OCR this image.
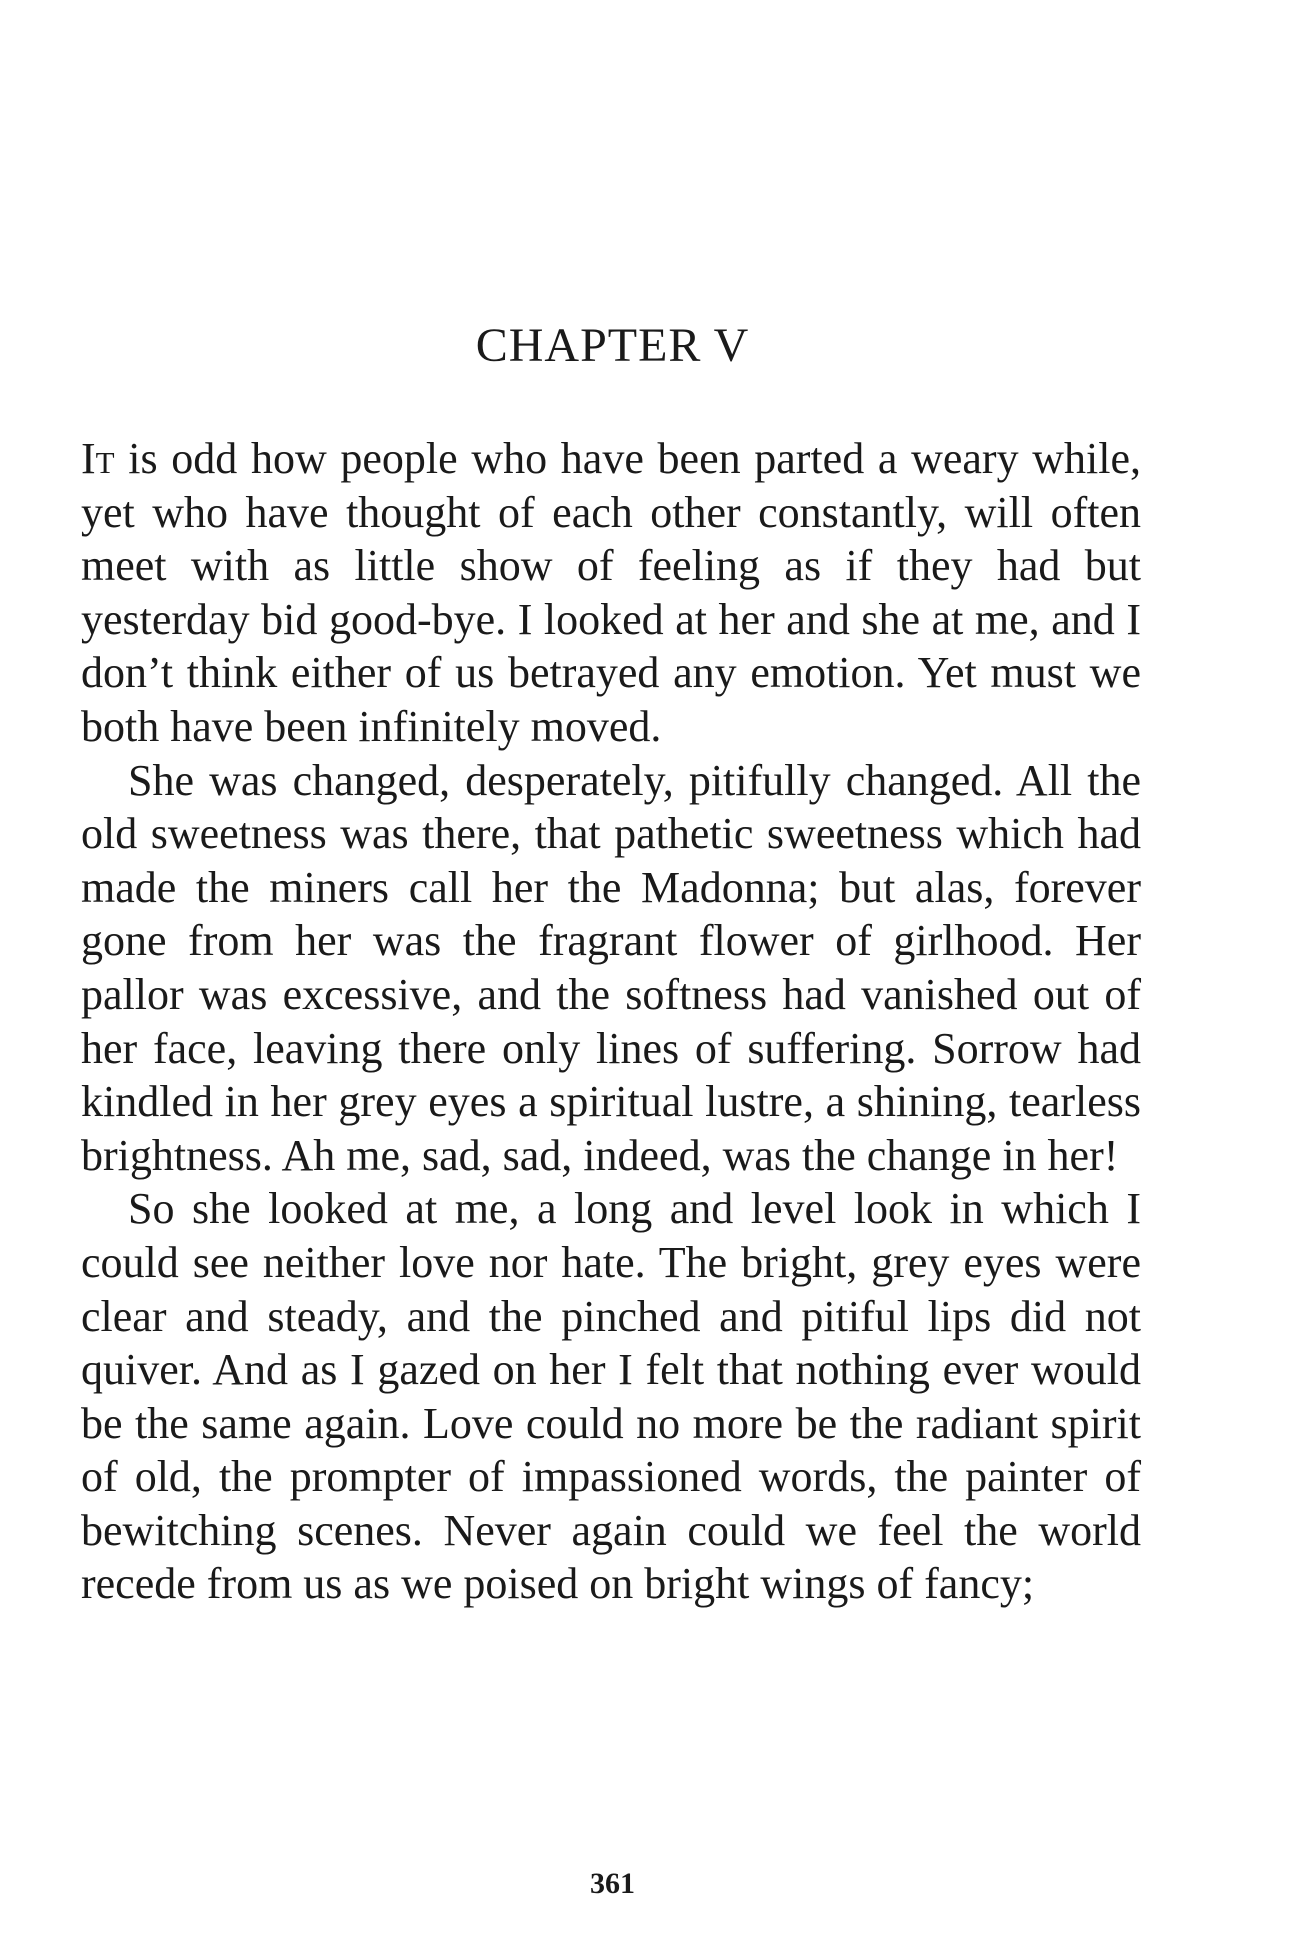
CHAPTER V

It is odd how people who have been parted a weary while, yet who have thought of each other constantly, will often meet with as little show of feeling as if they had but yesterday bid good-bye. I looked at her and she at me, and I don’t think either of us betrayed any emotion. Yet must we both have been infinitely moved.

She was changed, desperately, pitifully changed. All the old sweetness was there, that pathetic sweetness which had made the miners call her the Madonna; but alas, forever gone from her was the fragrant flower of girlhood. Her pallor was excessive, and the softness had vanished out of her face, leaving there only lines of suffering. Sorrow had kindled in her grey eyes a spiritual lustre, a shining, tearless brightness. Ah me, sad, sad, indeed, was the change in her!

So she looked at me, a long and level look in which I could see neither love nor hate. The bright, grey eyes were clear and steady, and the pinched and pitiful lips did not quiver. And as I gazed on her I felt that nothing ever would be the same again. Love could no more be the radiant spirit of old, the prompter of impassioned words, the painter of bewitching scenes. Never again could we feel the world recede from us as we poised on bright wings of fancy;

361
